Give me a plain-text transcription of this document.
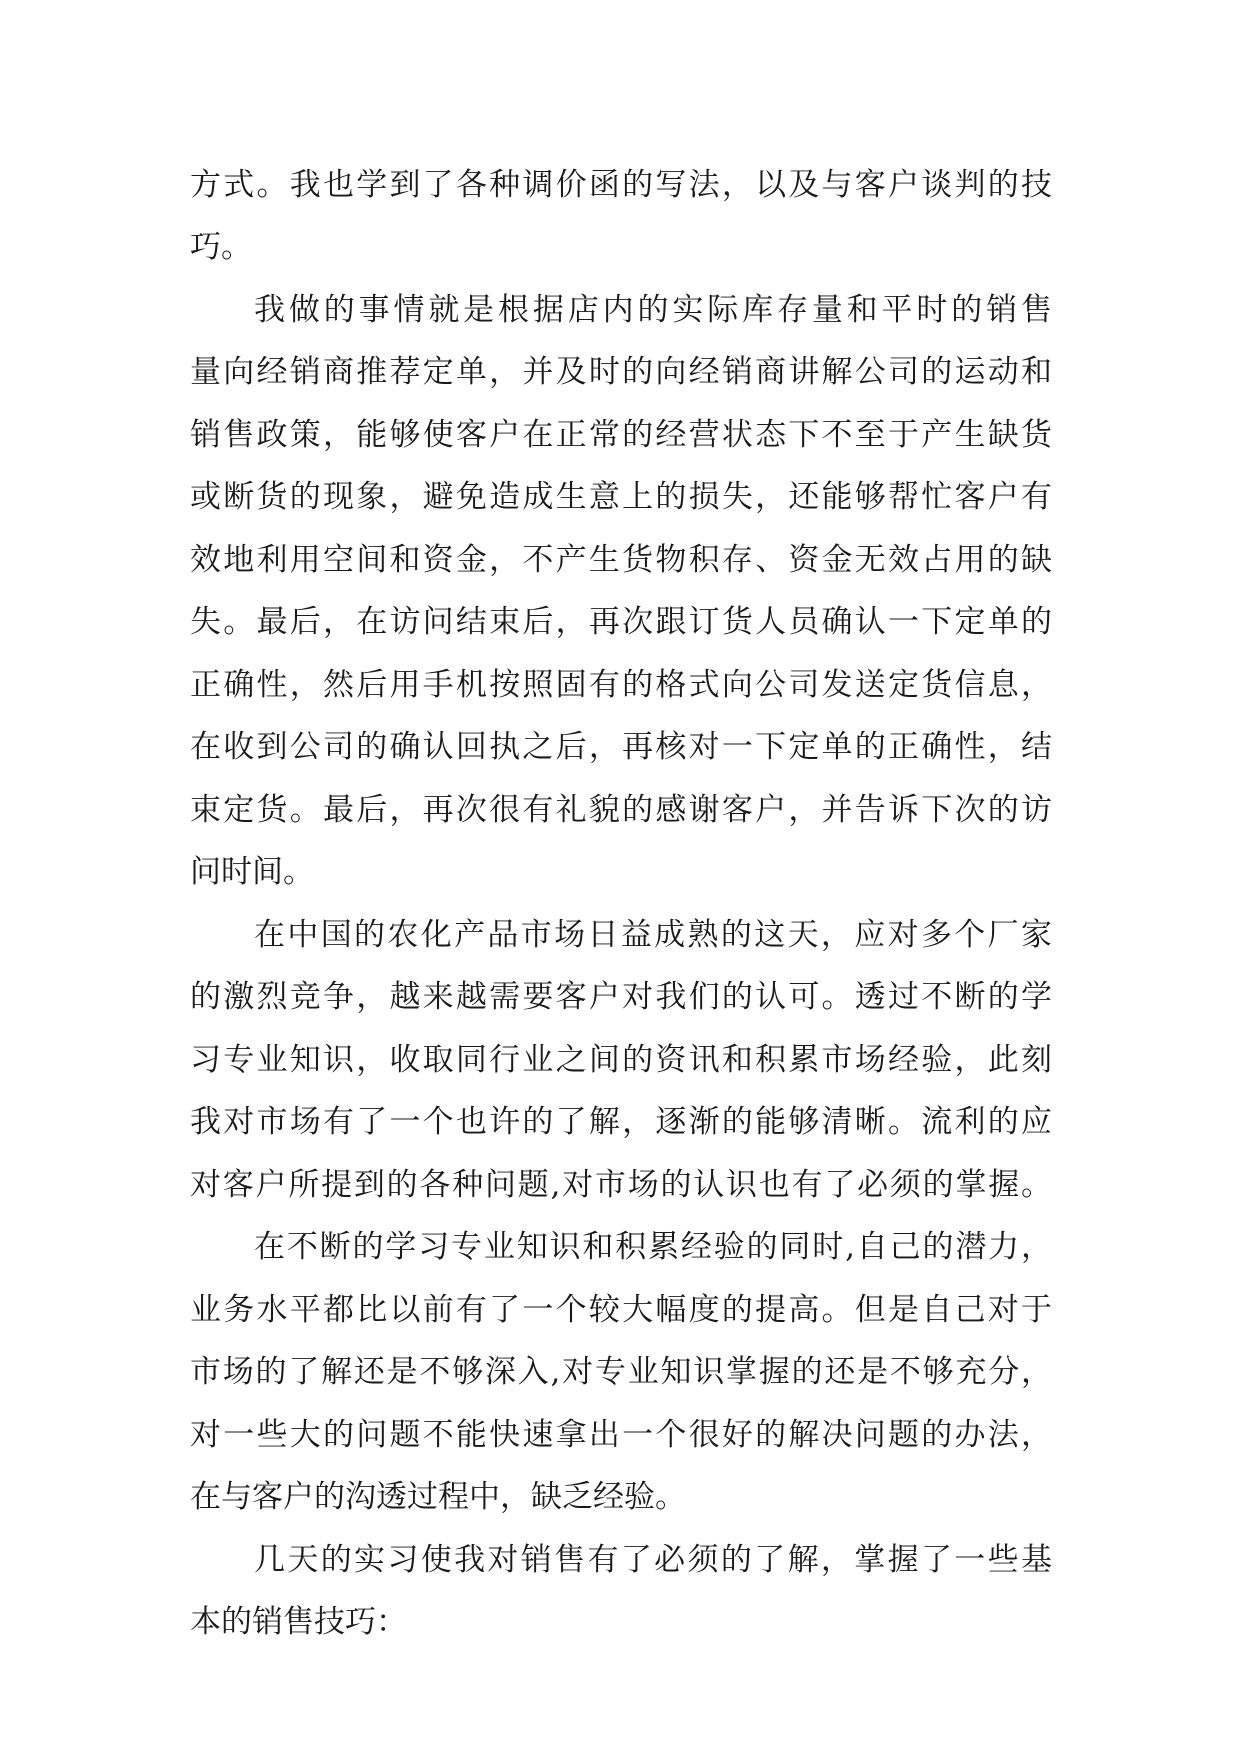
方式。我也学到了各种调价函的写法，以及与客户谈判的技
巧。
我做的事情就是根据店内的实际库存量和平时的销售
量向经销商推荐定单，并及时的向经销商讲解公司的运动和
销售政策，能够使客户在正常的经营状态下不至于产生缺货
或断货的现象，避免造成生意上的损失，还能够帮忙客户有
效地利用空间和资金，不产生货物积存、资金无效占用的缺
失。最后，在访问结束后，再次跟订货人员确认一下定单的
正确性，然后用手机按照固有的格式向公司发送定货信息，
在收到公司的确认回执之后，再核对一下定单的正确性，结
束定货。最后，再次很有礼貌的感谢客户，并告诉下次的访
问时间。
在中国的农化产品市场日益成熟的这天，应对多个厂家
的激烈竞争，越来越需要客户对我们的认可。透过不断的学
习专业知识，收取同行业之间的资讯和积累市场经验，此刻
我对市场有了一个也许的了解，逐渐的能够清晰。流利的应
对客户所提到的各种问题,对市场的认识也有了必须的掌握。
在不断的学习专业知识和积累经验的同时,自己的潜力，
业务水平都比以前有了一个较大幅度的提高。但是自己对于
市场的了解还是不够深入,对专业知识掌握的还是不够充分，
对一些大的问题不能快速拿出一个很好的解决问题的办法，
在与客户的沟透过程中，缺乏经验。
几天的实习使我对销售有了必须的了解，掌握了一些基
本的销售技巧：
